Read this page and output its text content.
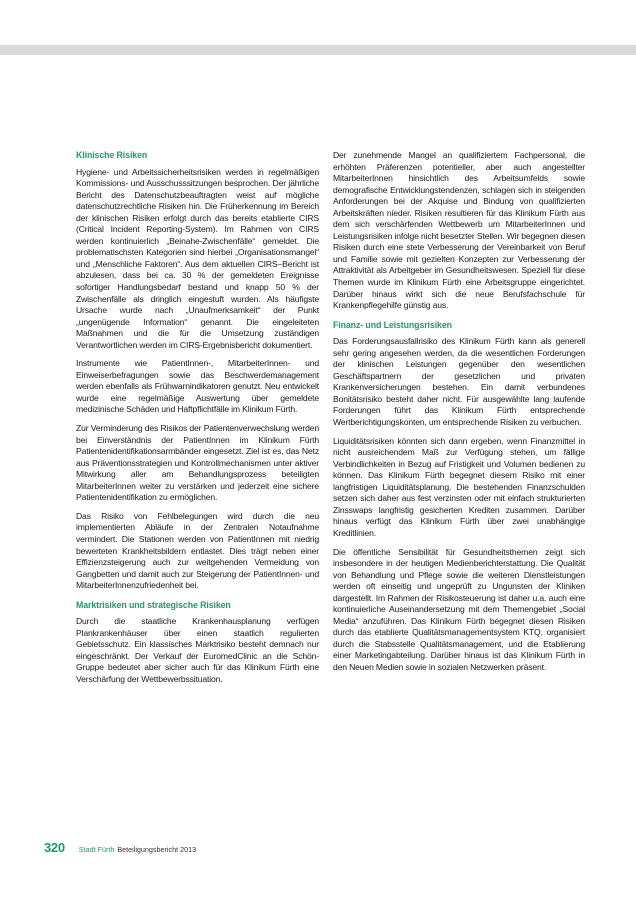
Klinische Risiken

Hygiene- und Arbeitssicherheitsrisiken werden in regelmäßigen Kommissions- und Ausschusssitzungen besprochen. Der jährliche Bericht des Datenschutzbeauftragten weist auf mögliche datenschutzrechtliche Risiken hin. Die Früherkennung im Bereich der klinischen Risiken erfolgt durch das bereits etablierte CIRS (Critical Incident Reporting-System). Im Rahmen von CIRS werden kontinuierlich „Beinahe-Zwischenfälle“ gemeldet. Die problematischsten Kategorien sind hierbei „Organisationsmangel“ und „Menschliche Faktoren“. Aus dem aktuellen CIRS–Bericht ist abzulesen, dass bei ca. 30 % der gemeldeten Ereignisse sofortiger Handlungsbedarf bestand und knapp 50 % der Zwischenfälle als dringlich eingestuft wurden. Als häufigste Ursache wurde nach „Unaufmerksamkeit“ der Punkt „ungenügende Information“ genannt. Die eingeleiteten Maßnahmen und die für die Umsetzung zuständigen Verantwortlichen werden im CIRS-Ergebnisbericht dokumentiert.

Instrumente wie PatientInnen-, MitarbeiterInnen- und Einweiserbefragungen sowie das Beschwerdemanagement werden ebenfalls als Frühwarnindikatoren genutzt. Neu entwickelt wurde eine regelmäßige Auswertung über gemeldete medizinische Schäden und Haftpflichtfälle im Klinikum Fürth.

Zur Verminderung des Risikos der Patientenverwechslung werden bei Einverständnis der PatientInnen im Klinikum Fürth Patientenidentifikationsarmbänder eingesetzt. Ziel ist es, das Netz aus Präventionsstrategien und Kontrollmechanismen unter aktiver Mitwirkung aller am Behandlungsprozess beteiligten MitarbeiterInnen weiter zu verstärken und jederzeit eine sichere Patientenidentifikation zu ermöglichen.

Das Risiko von Fehlbelegungen wird durch die neu implementierten Abläufe in der Zentralen Notaufnahme vermindert. Die Stationen werden von PatientInnen mit niedrig bewerteten Krankheitsbildern entlastet. Dies trägt neben einer Effizienzsteigerung auch zur weitgehenden Vermeidung von Gangbetten und damit auch zur Steigerung der PatientInnen- und MitarbeiterInnenzufriedenheit bei.

Marktrisiken und strategische Risiken

Durch die staatliche Krankenhausplanung verfügen Plankrankenhäuser über einen staatlich regulierten Gebietsschutz. Ein klassisches Marktrisiko besteht demnach nur eingeschränkt. Der Verkauf der EuromedClinic an die Schön-Gruppe bedeutet aber sicher auch für das Klinikum Fürth eine Verschärfung der Wettbewerbssituation.

Der zunehmende Mangel an qualifiziertem Fachpersonal, die erhöhten Präferenzen potentieller, aber auch angestellter MitarbeiterInnen hinsichtlich des Arbeitsumfelds sowie demografische Entwicklungstendenzen, schlagen sich in steigenden Anforderungen bei der Akquise und Bindung von qualifizierten Arbeitskräften nieder. Risiken resultieren für das Klinikum Fürth aus dem sich verschärfenden Wettbewerb um MitarbeiterInnen und Leistungsrisiken infolge nicht besetzter Stellen. Wir begegnen diesen Risiken durch eine stete Verbesserung der Vereinbarkeit von Beruf und Familie sowie mit gezielten Konzepten zur Verbesserung der Attraktivität als Arbeitgeber im Gesundheitswesen. Speziell für diese Themen wurde im Klinikum Fürth eine Arbeitsgruppe eingerichtet. Darüber hinaus wirkt sich die neue Berufsfachschule für Krankenpflegehilfe günstig aus.

Finanz- und Leistungsrisiken

Das Forderungsausfallrisiko des Klinikum Fürth kann als generell sehr gering angesehen werden, da die wesentlichen Forderungen der klinischen Leistungen gegenüber den wesentlichen Geschäftspartnern der gesetzlichen und privaten Krankenversicherungen bestehen. Ein damit verbundenes Bonitätsrisiko besteht daher nicht. Für ausgewählte lang laufende Forderungen führt das Klinikum Fürth entsprechende Wertberichtigungskonten, um entsprechende Risiken zu verbuchen.

Liquiditätsrisiken könnten sich dann ergeben, wenn Finanzmittel in nicht ausreichendem Maß zur Verfügung stehen, um fällige Verbindlichkeiten in Bezug auf Fristigkeit und Volumen bedienen zu können. Das Klinikum Fürth begegnet diesem Risiko mit einer langfristigen Liquiditätsplanung. Die bestehenden Finanzschulden setzen sich daher aus fest verzinsten oder mit einfach strukturierten Zinsswaps langfristig gesicherten Krediten zusammen. Darüber hinaus verfügt das Klinikum Fürth über zwei unabhängige Kreditlinien.

Die öffentliche Sensibilität für Gesundheitsthemen zeigt sich insbesondere in der heutigen Medienberichterstattung. Die Qualität von Behandlung und Pflege sowie die weiteren Dienstleistungen werden oft einseitig und ungeprüft zu Ungunsten der Kliniken dargestellt. Im Rahmen der Risikosteuerung ist daher u.a. auch eine kontinuierliche Auseinandersetzung mit dem Themengebiet „Social Media“ anzuführen. Das Klinikum Fürth begegnet diesen Risiken durch das etablierte Qualitätsmanagementsystem KTQ, organisiert durch die Stabsstelle Qualitätsmanagement, und die Etablierung einer Marketingabteilung. Darüber hinaus ist das Klinikum Fürth in den Neuen Medien sowie in sozialen Netzwerken präsent.

320 Stadt Fürth Beteiligungsbericht 2013
